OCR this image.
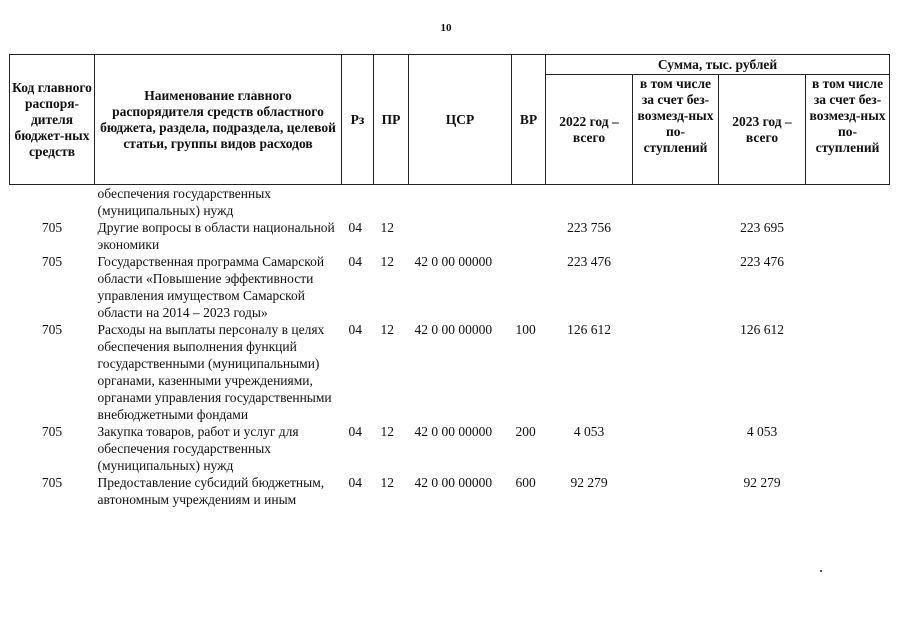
10
Код главного распоря-дителя бюджет-ных средств	Наименование главного распорядителя средств областного бюджета, раздела, подраздела, целевой статьи, группы видов расходов	Рз	ПР	ЦСР	ВР	Сумма, тыс. рублей			
						2022 год – всего	в том числе за счет без-возмезд-ных по-ступлений	2023 год – всего	в том числе за счет без-возмезд-ных по-ступлений
	обеспечения государственных (муниципальных) нужд								
705	Другие вопросы в области национальной экономики	04	12			223 756		223 695	
705	Государственная программа Самарской области «Повышение эффективности управления имуществом Самарской области на 2014 – 2023 годы»	04	12	42 0 00 00000		223 476		223 476	
705	Расходы на выплаты персоналу в целях обеспечения выполнения функций государственными (муниципальными) органами, казенными учреждениями, органами управления государственными внебюджетными фондами	04	12	42 0 00 00000	100	126 612		126 612	
705	Закупка товаров, работ и услуг для обеспечения государственных (муниципальных) нужд	04	12	42 0 00 00000	200	4 053		4 053	
705	Предоставление субсидий бюджетным, автономным учреждениям и иным	04	12	42 0 00 00000	600	92 279		92 279	
